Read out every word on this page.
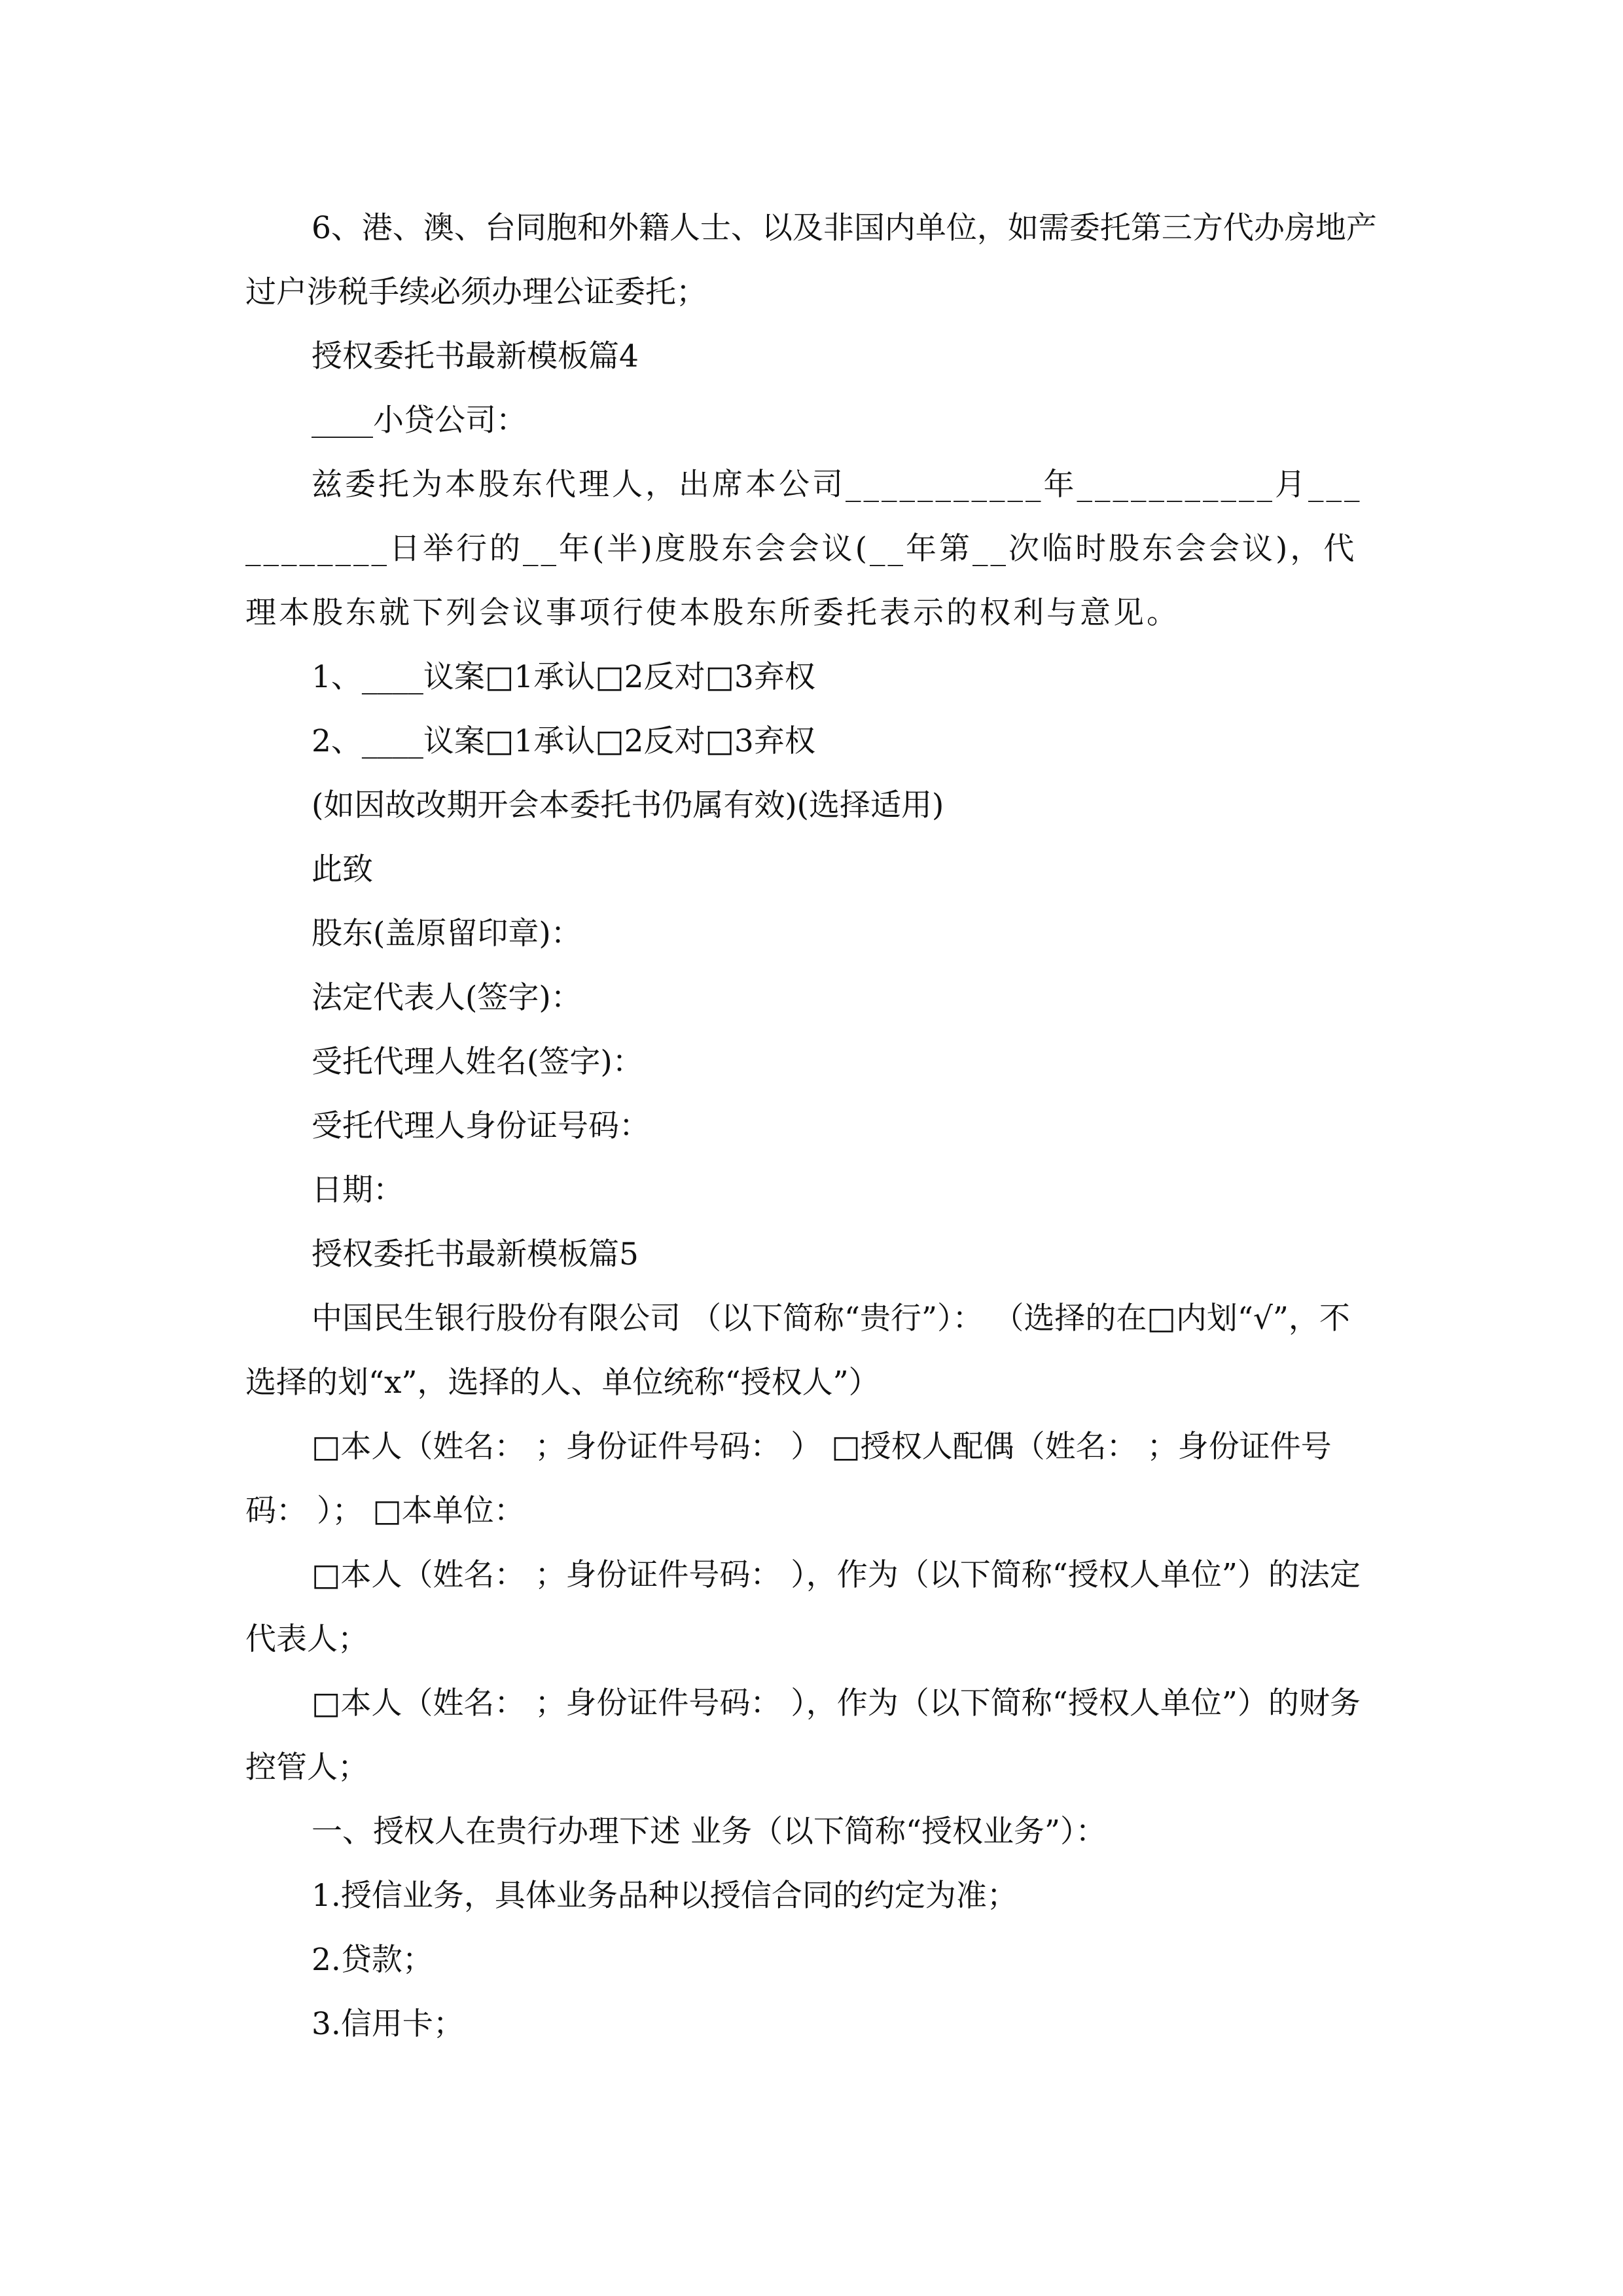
6、港、澳、台同胞和外籍人士、以及非国内单位，如需委托第三方代办房地产过户涉税手续必须办理公证委托；

授权委托书最新模板篇4

____小贷公司：

兹委托为本股东代理人，出席本公司___________年___________月___________日举行的__年(半)度股东会会议(__年第__次临时股东会会议)，代理本股东就下列会议事项行使本股东所委托表示的权利与意见。

1、____议案□1承认□2反对□3弃权

2、____议案□1承认□2反对□3弃权

(如因故改期开会本委托书仍属有效)(选择适用)

此致

股东(盖原留印章)：

法定代表人(签字)：

受托代理人姓名(签字)：

受托代理人身份证号码：

日期：

授权委托书最新模板篇5

中国民生银行股份有限公司 （以下简称“贵行”）： （选择的在□内划“√”，不选择的划“x”，选择的人、单位统称“授权人”）

□本人（姓名： ；身份证件号码： ） □授权人配偶（姓名： ；身份证件号码： ）； □本单位：

□本人（姓名： ；身份证件号码： ），作为（以下简称“授权人单位”）的法定代表人；

□本人（姓名： ；身份证件号码： ），作为（以下简称“授权人单位”）的财务控管人；

一、授权人在贵行办理下述 业务（以下简称“授权业务”）：

1.授信业务，具体业务品种以授信合同的约定为准；

2.贷款；

3.信用卡；
